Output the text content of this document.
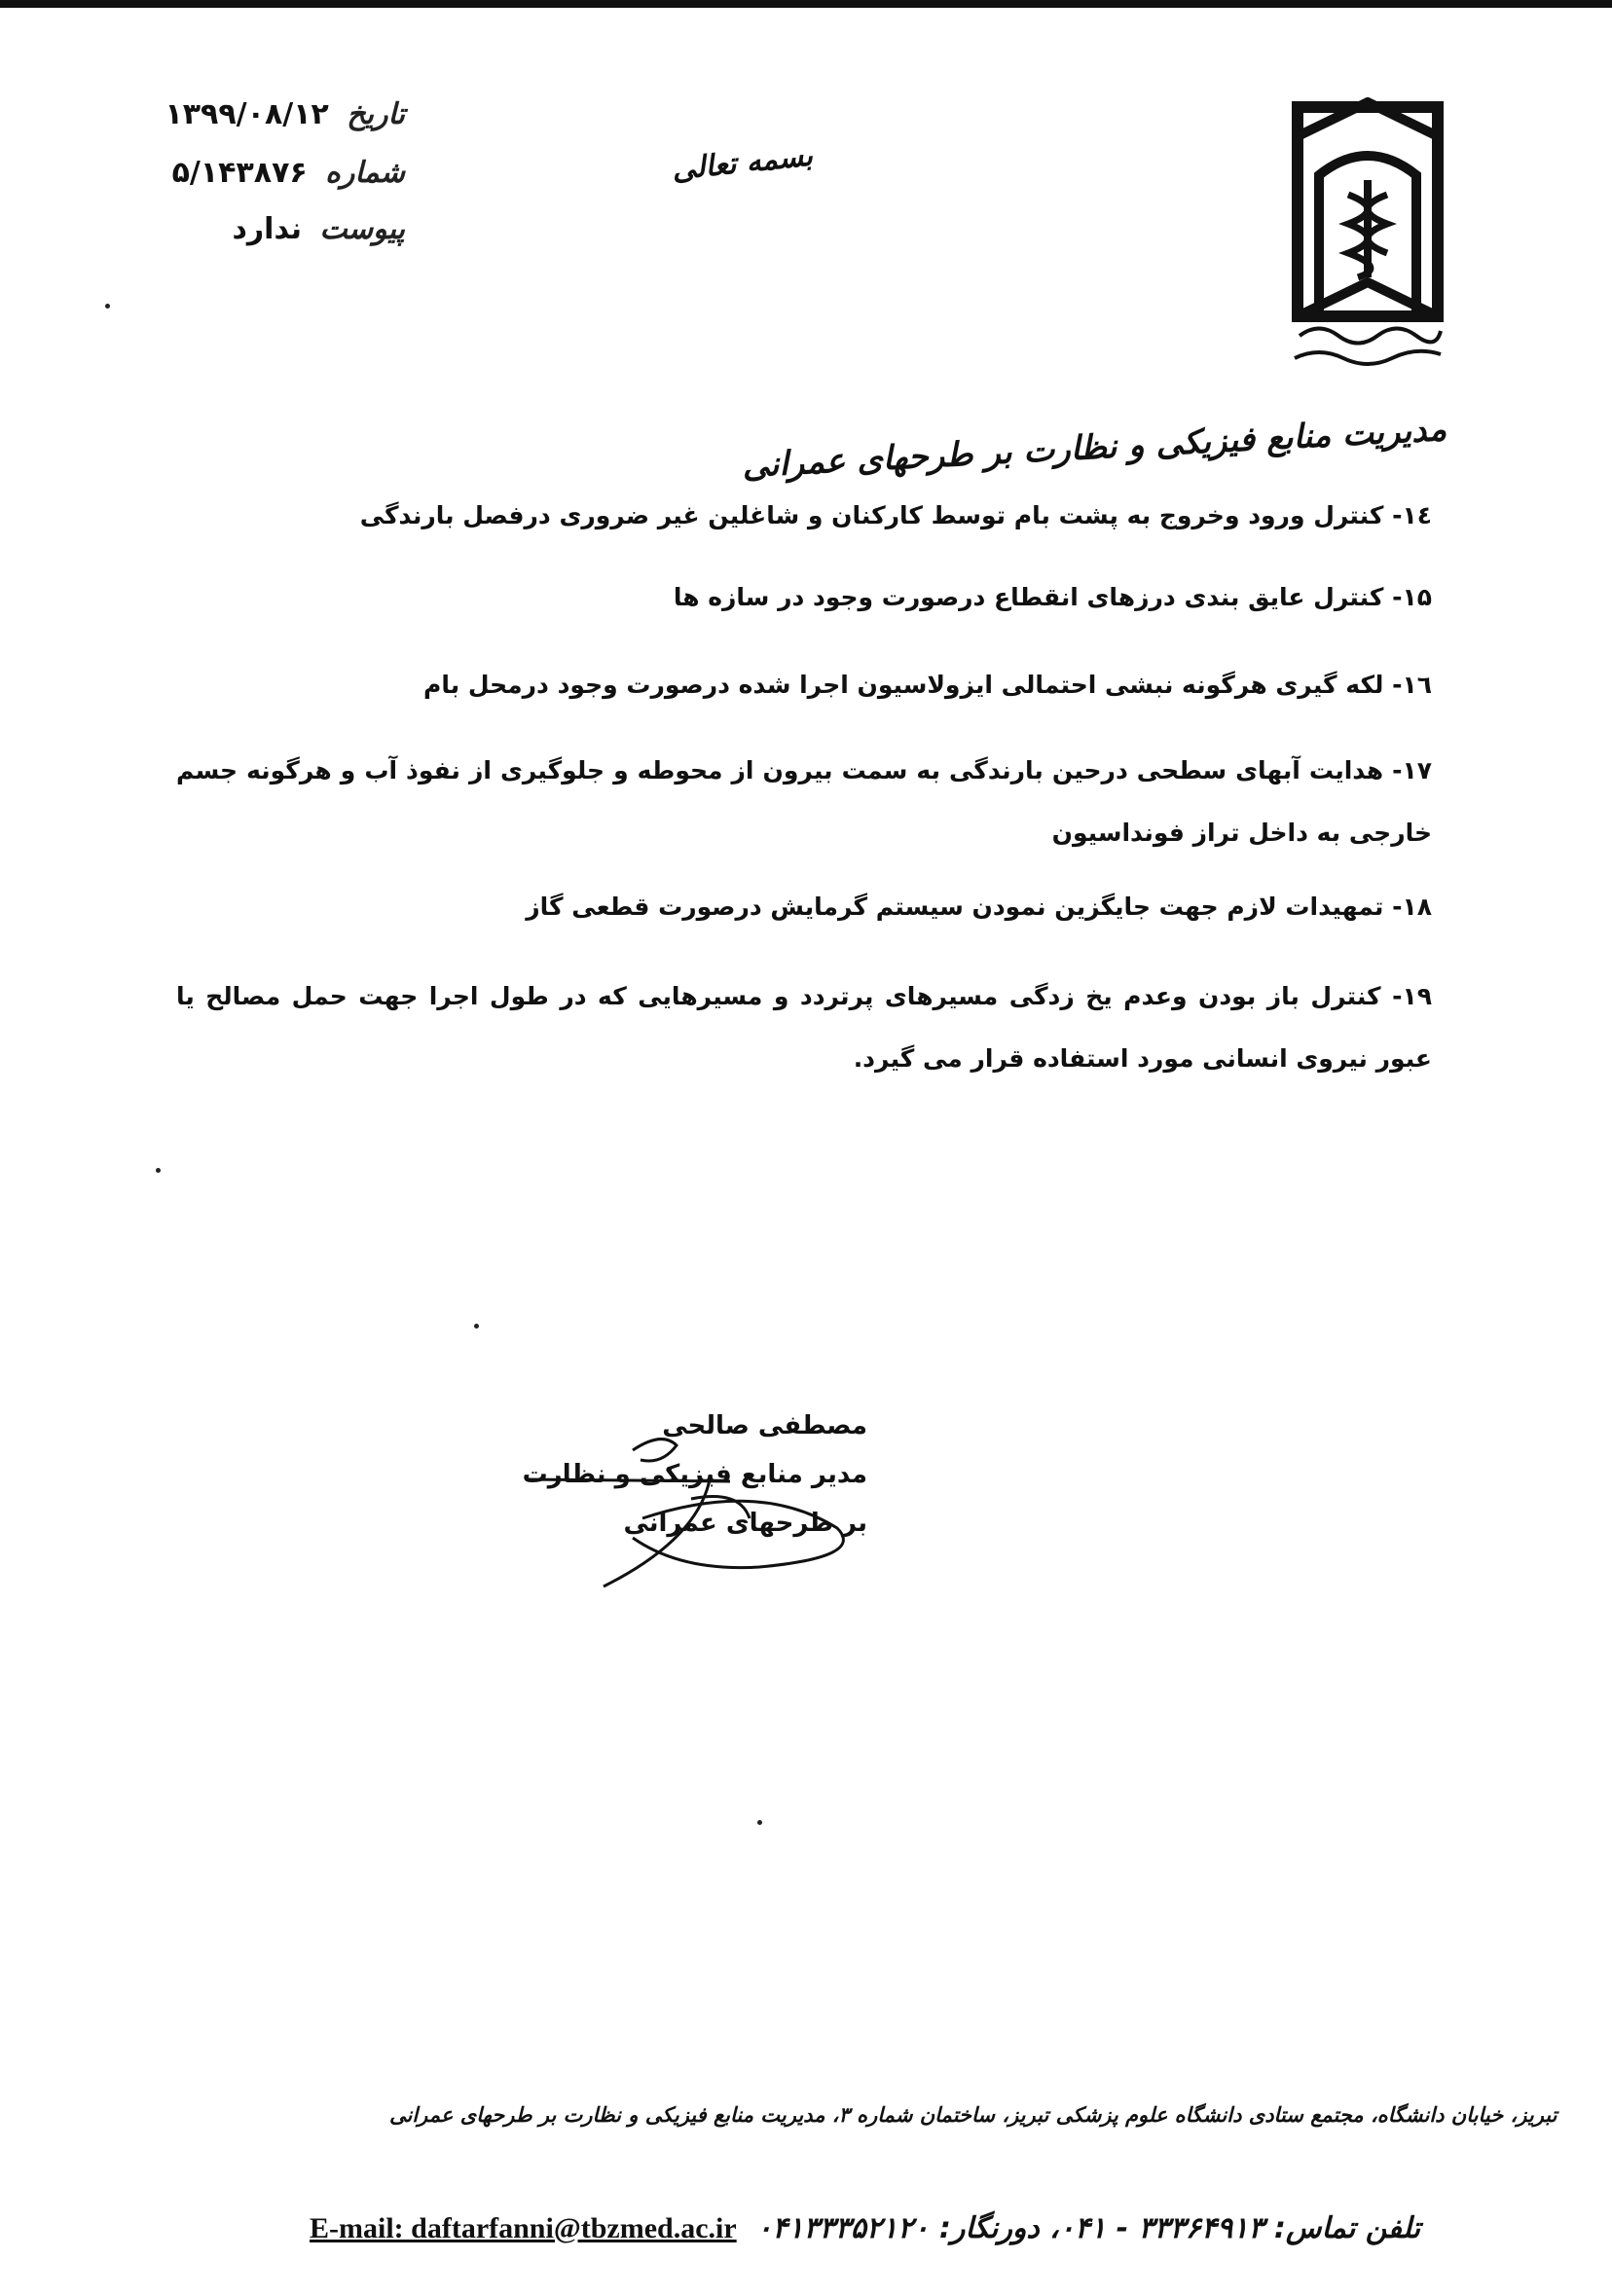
تاریخ ۱۳۹۹/۰۸/۱۲
شماره ۵/۱۴۳۸۷۶
پیوست ندارد
بسمه تعالی
مدیریت منابع فیزیکی و نظارت بر طرحهای عمرانی
۱٤- کنترل ورود وخروج به پشت بام توسط کارکنان و شاغلین غیر ضروری درفصل بارندگی
۱۵- کنترل عایق بندی درزهای انقطاع درصورت وجود در سازه ها
۱٦- لکه گیری هرگونه نبشی احتمالی ایزولاسیون اجرا شده درصورت وجود درمحل بام
۱۷- هدایت آبهای سطحی درحین بارندگی به سمت بیرون از محوطه و جلوگیری از نفوذ آب و هرگونه جسم خارجی به داخل تراز فونداسیون
۱۸- تمهیدات لازم جهت جایگزین نمودن سیستم گرمایش درصورت قطعی گاز
۱۹- کنترل باز بودن وعدم یخ زدگی مسیرهای پرتردد و مسیرهایی که در طول اجرا جهت حمل مصالح یا عبور نیروی انسانی مورد استفاده قرار می گیرد.
مصطفی صالحی
مدیر منابع فیزیکی و نظارت
بر طرحهای عمرانی
تبریز، خیابان دانشگاه، مجتمع ستادی دانشگاه علوم پزشکی تبریز، ساختمان شماره ۳، مدیریت منابع فیزیکی و نظارت بر طرحهای عمرانی
E-mail: daftarfanni@tbzmed.ac.ir تلفن تماس: ۳۳۳۶۴۹۱۳ - ۰۴۱، دورنگار: ۰۴۱۳۳۳۵۲۱۲۰
